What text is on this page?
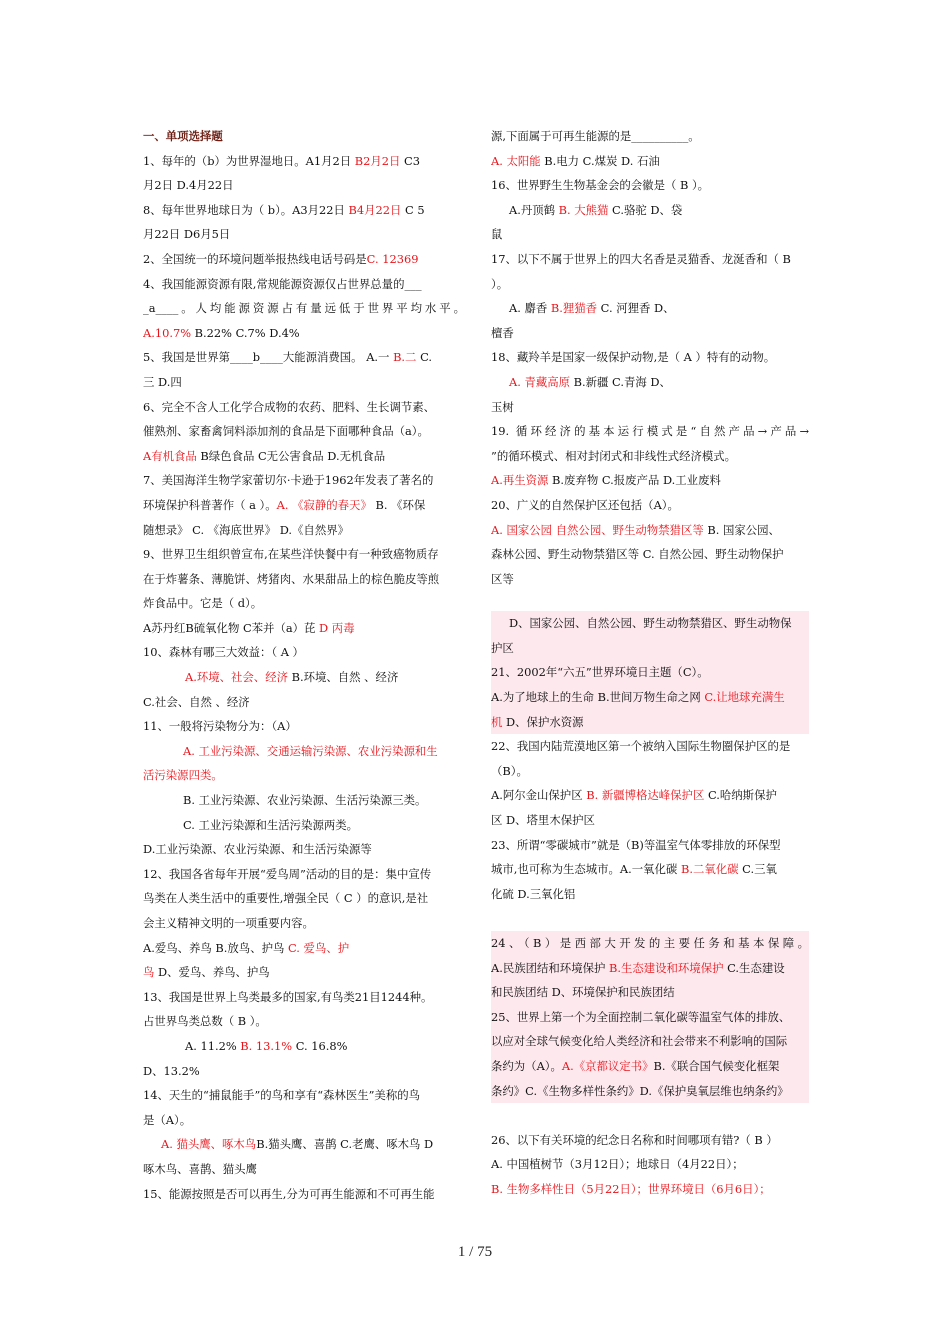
一、单项选择题
1、每年的（b）为世界湿地日。A1月2日 B2月2日 C3
月2日 D.4月22日
8、每年世界地球日为（ b）。A3月22日 B4月22日 C 5
月22日 D6月5日
2、全国统一的环境问题举报热线电话号码是C. 12369
4、我国能源资源有限,常规能源资源仅占世界总量的___
_a____。人均能源资源占有量远低于世界平均水平。
A.10.7% B.22% C.7% D.4%
5、我国是世界第____b____大能源消费国。 A.一 B.二 C.
三 D.四
6、完全不含人工化学合成物的农药、肥料、生长调节素、
催熟剂、家畜禽饲料添加剂的食品是下面哪种食品（a）。
A有机食品 B绿色食品 C无公害食品 D.无机食品
7、美国海洋生物学家蕾切尔·卡逊于1962年发表了著名的
环境保护科普著作（ a ）。A. 《寂静的春天》 B. 《环保
随想录》 C. 《海底世界》 D.《自然界》
9、世界卫生组织曾宣布,在某些洋快餐中有一种致癌物质存
在于炸薯条、薄脆饼、烤猪肉、水果甜品上的棕色脆皮等煎
炸食品中。它是（ d）。
A苏丹红B硫氧化物 C苯并（a）芘 D 丙毒
10、森林有哪三大效益：（ A ）
A.环境、社会、经济 B.环境、自然 、经济
C.社会、自然 、经济
11、一般将污染物分为：（A）
A. 工业污染源、交通运输污染源、农业污染源和生
活污染源四类。
B. 工业污染源、农业污染源、生活污染源三类。
C. 工业污染源和生活污染源两类。
D.工业污染源、农业污染源、和生活污染源等
12、我国各省每年开展“爱鸟周”活动的目的是：集中宣传
鸟类在人类生活中的重要性,增强全民（ C ）的意识,是社
会主义精神文明的一项重要内容。
A.爱鸟、养鸟 B.放鸟、护鸟 C. 爱鸟、护
鸟 D、爱鸟、养鸟、护鸟
13、我国是世界上鸟类最多的国家,有鸟类21目1244种。
占世界鸟类总数（ B ）。
A. 11.2% B. 13.1% C. 16.8%
D、13.2%
14、天生的“捕鼠能手”的鸟和享有“森林医生”美称的鸟
是（A）。
A. 猫头鹰、啄木鸟B.猫头鹰、喜鹊 C.老鹰、啄木鸟 D
啄木鸟、喜鹊、猫头鹰
15、能源按照是否可以再生,分为可再生能源和不可再生能
源,下面属于可再生能源的是__________。
A. 太阳能 B.电力 C.煤炭 D. 石油
16、世界野生生物基金会的会徽是（ B ）。
A.丹顶鹤 B. 大熊猫 C.骆驼 D、袋
鼠
17、以下不属于世界上的四大名香是灵猫香、龙涎香和（ B
）。
A. 麝香 B.狸猫香 C. 河狸香 D、
檀香
18、藏羚羊是国家一级保护动物,是（ A ）特有的动物。
A. 青藏高原 B.新疆 C.青海 D、
玉树
19. 循环经济的基本运行模式是“自然产品→产品→
”的循环模式、相对封闭式和非线性式经济模式。
A.再生资源 B.废弃物 C.报废产品 D.工业废料
20、广义的自然保护区还包括（A）。
A. 国家公园 自然公园、野生动物禁猎区等 B. 国家公园、
森林公园、野生动物禁猎区等 C. 自然公园、野生动物保护
区等
D、国家公园、自然公园、野生动物禁猎区、野生动物保
护区
21、2002年“六五”世界环境日主题（C）。
A.为了地球上的生命 B.世间万物生命之网 C.让地球充满生
机 D、保护水资源
22、我国内陆荒漠地区第一个被纳入国际生物圈保护区的是
（B）。
A.阿尔金山保护区 B. 新疆博格达峰保护区 C.哈纳斯保护
区 D、塔里木保护区
23、所谓“零碳城市”就是（B)等温室气体零排放的环保型
城市,也可称为生态城市。A.一氧化碳 B.二氧化碳 C.三氧
化硫 D.三氧化铝
24、（B）是西部大开发的主要任务和基本保障。
A.民族团结和环境保护 B.生态建设和环境保护 C.生态建设
和民族团结 D、环境保护和民族团结
25、世界上第一个为全面控制二氧化碳等温室气体的排放、
以应对全球气候变化给人类经济和社会带来不利影响的国际
条约为（A）。A.《京都议定书》B.《联合国气候变化框架
条约》C.《生物多样性条约》D.《保护臭氧层维也纳条约》
26、以下有关环境的纪念日名称和时间哪项有错?（ B ）
A. 中国植树节（3月12日）；地球日（4月22日）；
B. 生物多样性日（5月22日）；世界环境日（6月6日）；
1 / 75
